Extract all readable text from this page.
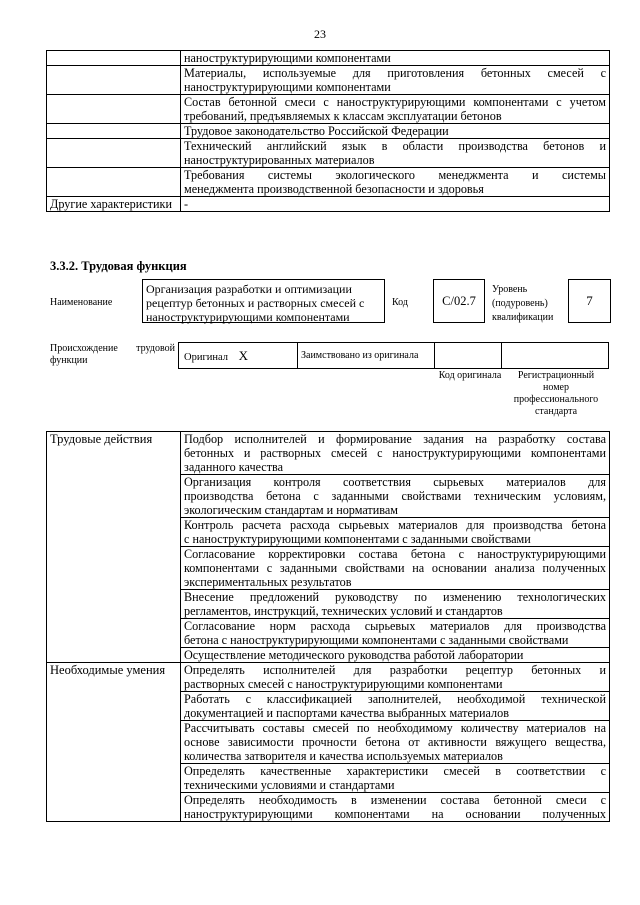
23

	наноструктурирующими компонентами

	Материалы, используемые для приготовления бетонных смесей с
наноструктурирующими компонентами

	Состав бетонной смеси с наноструктурирующими компонентами с учетом
требований, предъявляемых к классам эксплуатации бетонов

	Трудовое законодательство Российской Федерации

	Технический английский язык в области производства бетонов и
наноструктурированных материалов

	Требования системы экологического менеджмента и системы
менеджмента производственной безопасности и здоровья

Другие характеристики	-
3.3.2. Трудовая функция
Наименование
Организация разработки и оптимизации рецептур бетонных и растворных смесей с наноструктурирующими компонентами
Код	С/02.7
Уровень (подуровень) квалификации
7
Происхождение трудовой функции	Оригинал X	Заимствовано из оригинала		
Код оригинала	Регистрационный номер профессионального стандарта
Трудовые действия	Подбор исполнителей и формирование задания на разработку состава
бетонных и растворных смесей с наноструктурирующими компонентами
заданного качества

	Организация контроля соответствия сырьевых материалов для
производства бетона с заданными свойствами техническим условиям,
экологическим стандартам и нормативам

	Контроль расчета расхода сырьевых материалов для производства бетона
с наноструктурирующими компонентами с заданными свойствами

	Согласование корректировки состава бетона с наноструктурирующими
компонентами с заданными свойствами на основании анализа полученных
экспериментальных результатов

	Внесение предложений руководству по изменению технологических
регламентов, инструкций, технических условий и стандартов

	Согласование норм расхода сырьевых материалов для производства
бетона с наноструктурирующими компонентами с заданными свойствами

	Осуществление методического руководства работой лаборатории

Необходимые умения	Определять исполнителей для разработки рецептур бетонных и
растворных смесей с наноструктурирующими компонентами

	Работать с классификацией заполнителей, необходимой технической
документацией и паспортами качества выбранных материалов

	Рассчитывать составы смесей по необходимому количеству материалов на
основе зависимости прочности бетона от активности вяжущего вещества,
количества затворителя и качества используемых материалов

	Определять качественные характеристики смесей в соответствии с
техническими условиями и стандартами

	Определять необходимость в изменении состава бетонной смеси с
наноструктурирующими компонентами на основании полученных
